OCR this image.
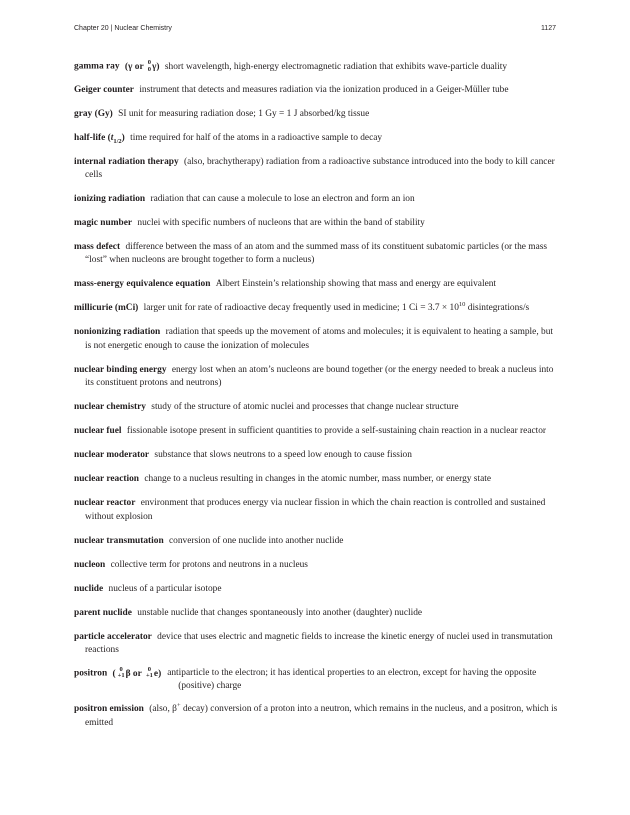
Chapter 20 | Nuclear Chemistry	1127

gamma ray (γ or 0
0 γ) short wavelength, high-energy electromagnetic radiation that exhibits wave-particle duality

Geiger counter instrument that detects and measures radiation via the ionization produced in a Geiger-Müller tube

gray (Gy) SI unit for measuring radiation dose; 1 Gy = 1 J absorbed/kg tissue

half-life $(t_{1/2})$ time required for half of the atoms in a radioactive sample to decay

internal radiation therapy (also, brachytherapy) radiation from a radioactive substance introduced into the body to kill cancer cells

ionizing radiation radiation that can cause a molecule to lose an electron and form an ion

magic number nuclei with specific numbers of nucleons that are within the band of stability

mass defect difference between the mass of an atom and the summed mass of its constituent subatomic particles (or the mass “lost” when nucleons are brought together to form a nucleus)

mass-energy equivalence equation Albert Einstein’s relationship showing that mass and energy are equivalent

millicurie (mCi) larger unit for rate of radioactive decay frequently used in medicine; 1 $Ci = 3.7 \times 10^{10}$ disintegrations/s

nonionizing radiation radiation that speeds up the movement of atoms and molecules; it is equivalent to heating a sample, but is not energetic enough to cause the ionization of molecules

nuclear binding energy energy lost when an atom’s nucleons are bound together (or the energy needed to break a nucleus into its constituent protons and neutrons)

nuclear chemistry study of the structure of atomic nuclei and processes that change nuclear structure

nuclear fuel fissionable isotope present in sufficient quantities to provide a self-sustaining chain reaction in a nuclear reactor

nuclear moderator substance that slows neutrons to a speed low enough to cause fission

nuclear reaction change to a nucleus resulting in changes in the atomic number, mass number, or energy state

nuclear reactor environment that produces energy via nuclear fission in which the chain reaction is controlled and sustained without explosion

nuclear transmutation conversion of one nuclide into another nuclide

nucleon collective term for protons and neutrons in a nucleus

nuclide nucleus of a particular isotope

parent nuclide unstable nuclide that changes spontaneously into another (daughter) nuclide

particle accelerator device that uses electric and magnetic fields to increase the kinetic energy of nuclei used in transmutation reactions

positron ( 0
+1 β or 0
+1 e) antiparticle to the electron; it has identical properties to an electron, except for having the opposite (positive) charge

positron emission (also, β+ decay) conversion of a proton into a neutron, which remains in the nucleus, and a positron, which is emitted
